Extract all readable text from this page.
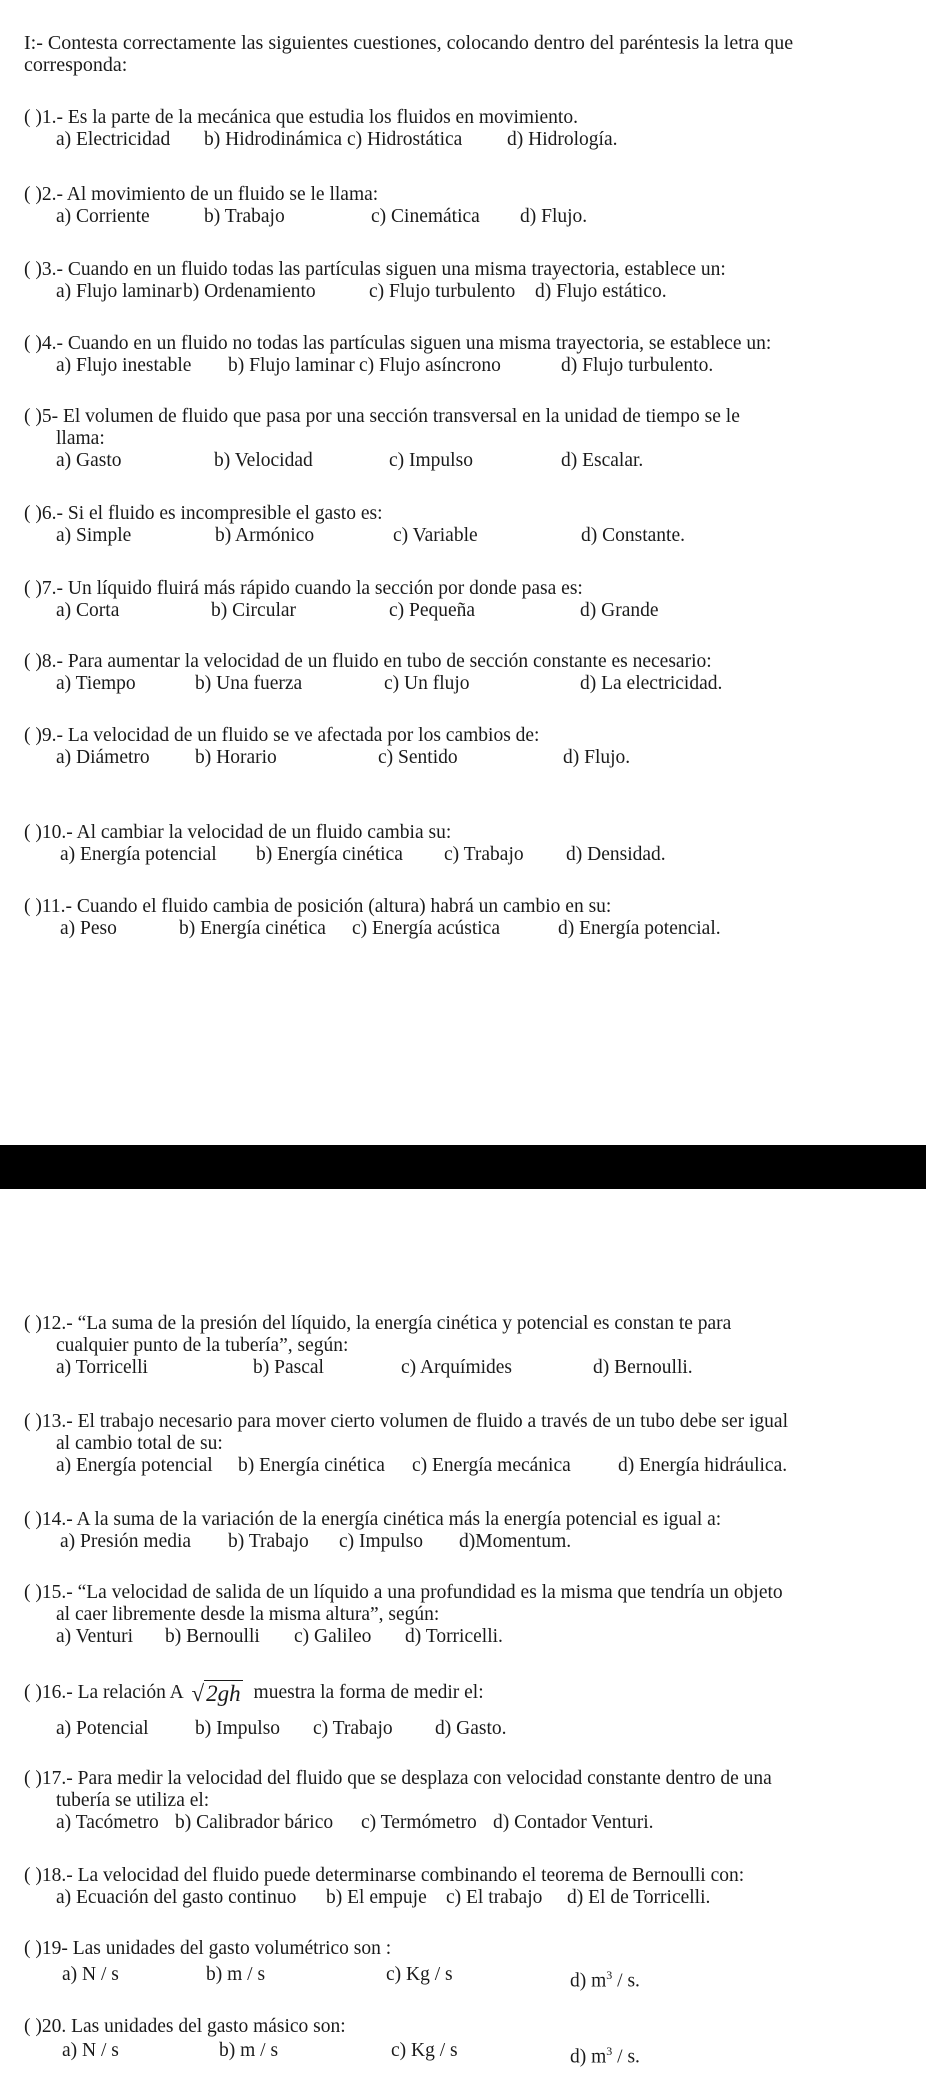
I:- Contesta correctamente las siguientes cuestiones, colocando dentro del paréntesis la letra que
corresponda:
( )1.- Es la parte de la mecánica que estudia los fluidos en movimiento.
a) Electricidad b) Hidrodinámica c) Hidrostática d) Hidrología.
( )2.- Al movimiento de un fluido se le llama:
a) Corriente	b) Trabajo	c) Cinemática d) Flujo.
( )3.- Cuando en un fluido todas las partículas siguen una misma trayectoria, establece un:
a) Flujo laminar b) Ordenamiento	c) Flujo turbulento d) Flujo estático.
( )4.- Cuando en un fluido no todas las partículas siguen una misma trayectoria, se establece un:
a) Flujo inestable b) Flujo laminar c) Flujo asíncrono	d) Flujo turbulento.
( )5- El volumen de fluido que pasa por una sección transversal en la unidad de tiempo se le
llama:
a) Gasto	b) Velocidad	c) Impulso	d) Escalar.
( )6.- Si el fluido es incompresible el gasto es:
a) Simple	b) Armónico	c) Variable	d) Constante.
( )7.- Un líquido fluirá más rápido cuando la sección por donde pasa es:
a) Corta	b) Circular	c) Pequeña	d) Grande
( )8.- Para aumentar la velocidad de un fluido en tubo de sección constante es necesario:
a) Tiempo	b) Una fuerza	c) Un flujo	d) La electricidad.
( )9.- La velocidad de un fluido se ve afectada por los cambios de:
a) Diámetro b) Horario	c) Sentido	d) Flujo.
( )10.- Al cambiar la velocidad de un fluido cambia su:
a) Energía potencial b) Energía cinética c) Trabajo d) Densidad.
( )11.- Cuando el fluido cambia de posición (altura) habrá un cambio en su:
a) Peso	b) Energía cinética c) Energía acústica	d) Energía potencial.
( )12.- “La suma de la presión del líquido, la energía cinética y potencial es constan te para
cualquier punto de la tubería”, según:
a) Torricelli	b) Pascal	c) Arquímides	d) Bernoulli.
( )13.- El trabajo necesario para mover cierto volumen de fluido a través de un tubo debe ser igual
al cambio total de su:
a) Energía potencial b) Energía cinética c) Energía mecánica d) Energía hidráulica.
( )14.- A la suma de la variación de la energía cinética más la energía potencial es igual a:
a) Presión media b) Trabajo c) Impulso d)Momentum.
( )15.- “La velocidad de salida de un líquido a una profundidad es la misma que tendría un objeto
al caer libremente desde la misma altura”, según:
a) Venturi b) Bernoulli c) Galileo d) Torricelli.
( )16.- La relación A √2gh muestra la forma de medir el:
a) Potencial b) Impulso c) Trabajo d) Gasto.
( )17.- Para medir la velocidad del fluido que se desplaza con velocidad constante dentro de una
tubería se utiliza el:
a) Tacómetro b) Calibrador bárico c) Termómetro d) Contador Venturi.
( )18.- La velocidad del fluido puede determinarse combinando el teorema de Bernoulli con:
a) Ecuación del gasto continuo b) El empuje c) El trabajo d) El de Torricelli.
( )19- Las unidades del gasto volumétrico son :
a) N / s	b) m / s	c) Kg / s	d) $m^3$ / s.
( )20. Las unidades del gasto másico son:
a) N / s	b) m / s	c) Kg / s	d) $m^3$ / s.
